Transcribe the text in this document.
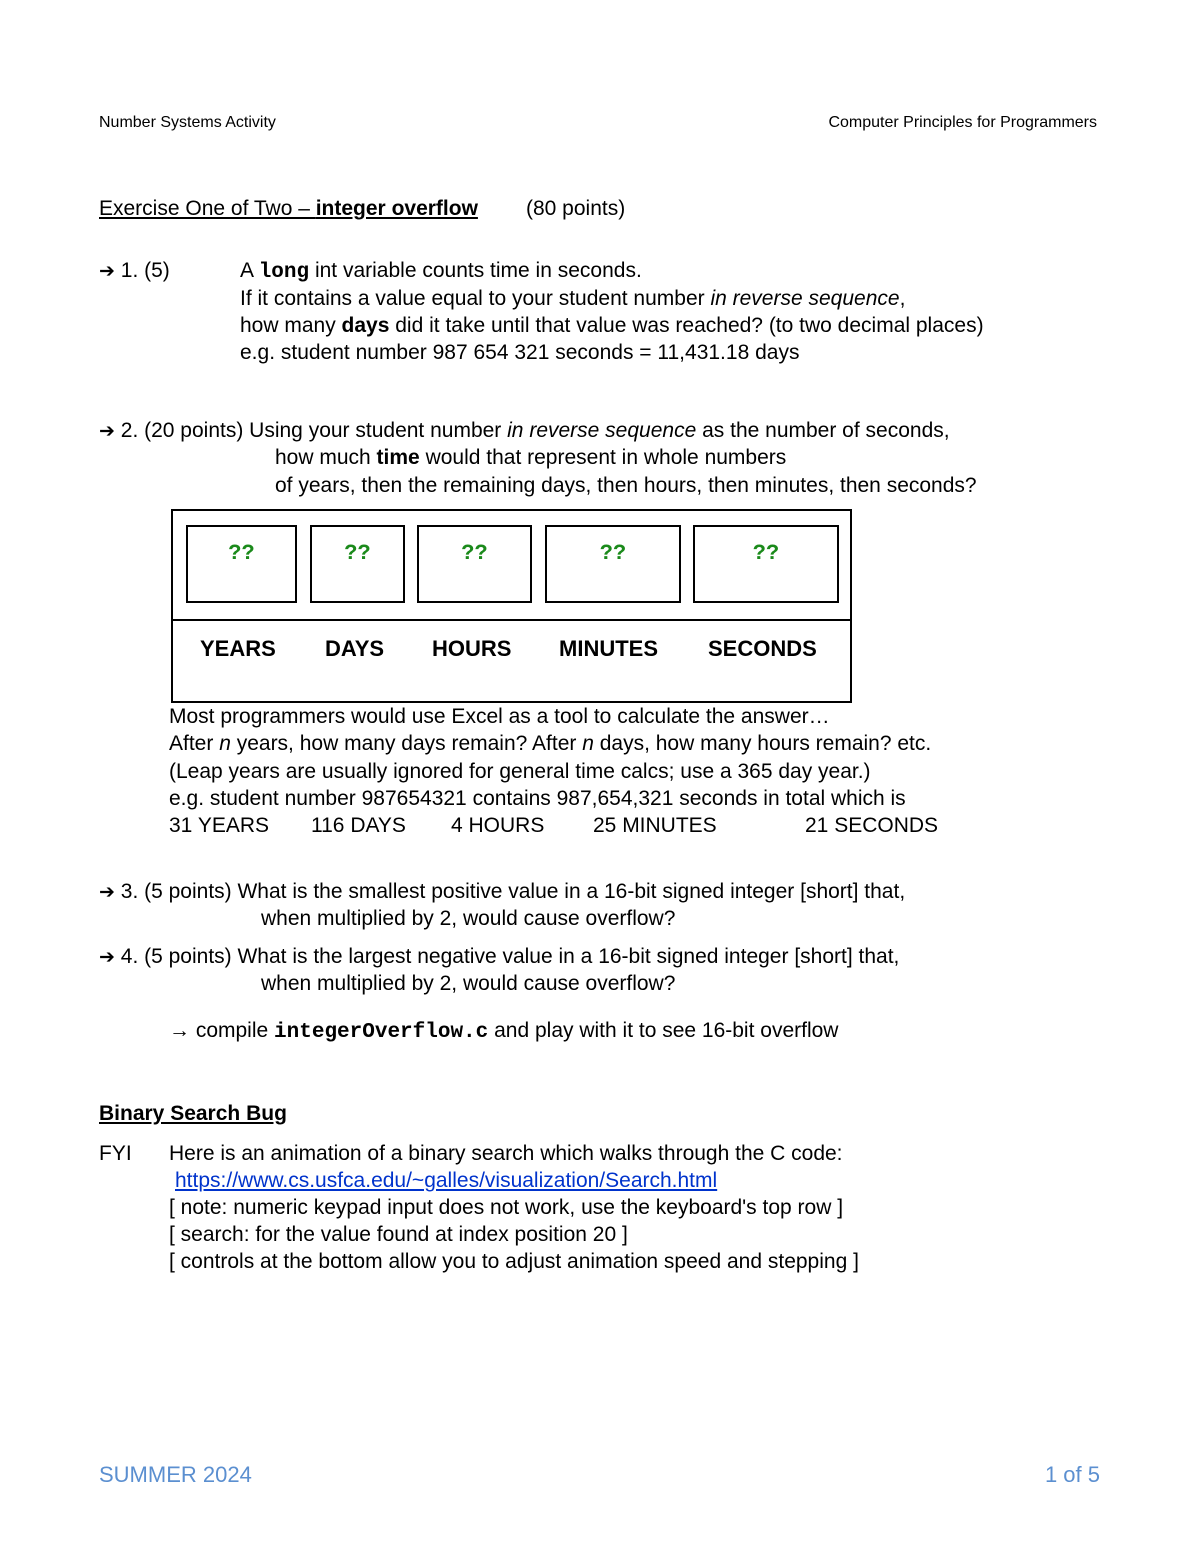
Number Systems Activity	Computer Principles for Programmers
Exercise One of Two – integer overflow (80 points)
➔ 1. (5)	A long int variable counts time in seconds.
If it contains a value equal to your student number in reverse sequence,
how many days did it take until that value was reached? (to two decimal places)
e.g. student number 987 654 321 seconds = 11,431.18 days
➔ 2. (20 points) Using your student number in reverse sequence as the number of seconds,
how much time would that represent in whole numbers
of years, then the remaining days, then hours, then minutes, then seconds?
??	??	??	??	??
YEARS DAYS HOURS MINUTES SECONDS
Most programmers would use Excel as a tool to calculate the answer…
After n years, how many days remain? After n days, how many hours remain? etc.
(Leap years are usually ignored for general time calcs; use a 365 day year.)
e.g. student number 987654321 contains 987,654,321 seconds in total which is
31 YEARS 116 DAYS 4 HOURS 25 MINUTES	21 SECONDS
➔ 3. (5 points) What is the smallest positive value in a 16-bit signed integer [short] that,
when multiplied by 2, would cause overflow?
➔ 4. (5 points) What is the largest negative value in a 16-bit signed integer [short] that,
when multiplied by 2, would cause overflow?
→ compile integerOverflow.c and play with it to see 16-bit overflow
Binary Search Bug
FYI Here is an animation of a binary search which walks through the C code:
https://www.cs.usfca.edu/~galles/visualization/Search.html
[ note: numeric keypad input does not work, use the keyboard's top row ]
[ search: for the value found at index position 20 ]
[ controls at the bottom allow you to adjust animation speed and stepping ]
SUMMER 2024	1 of 5
